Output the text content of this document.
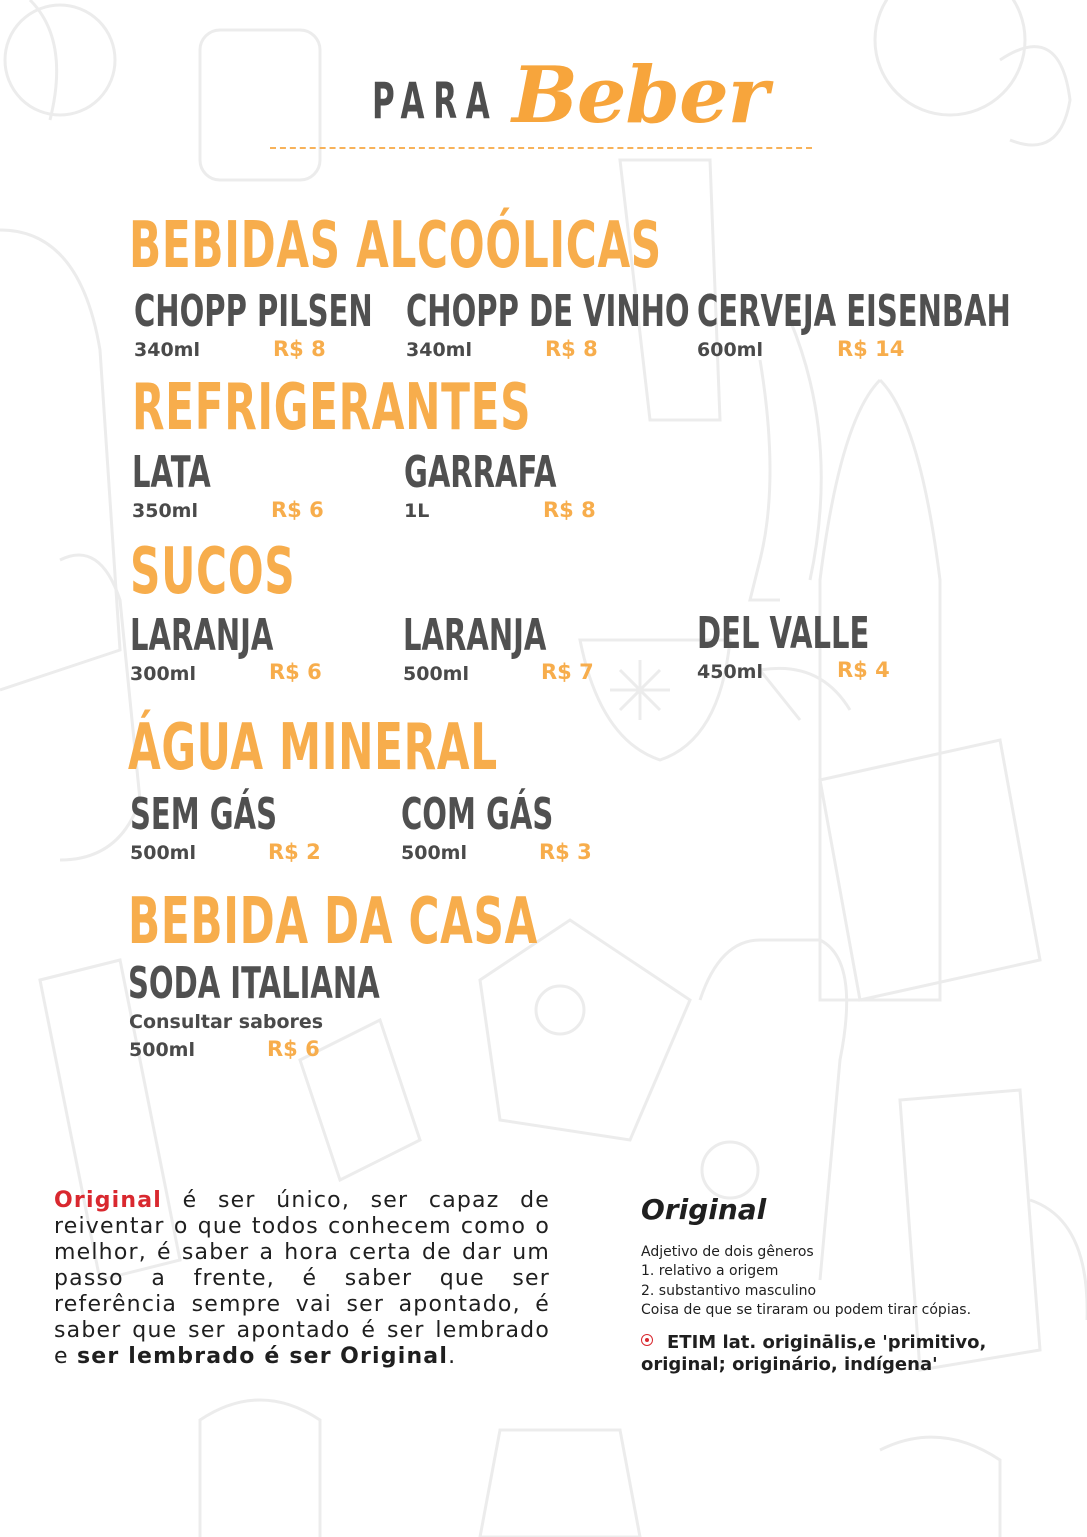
PARA Beber
BEBIDAS ALCOÓLICAS
CHOPP PILSEN
340ml	R$ 8
CHOPP DE VINHO
340ml	R$ 8
CERVEJA EISENBAH
600ml	R$ 14
REFRIGERANTES
LATA
350ml	R$ 6
GARRAFA
1L	R$ 8
SUCOS
LARANJA
300ml	R$ 6
LARANJA
500ml	R$ 7
DEL VALLE
450ml	R$ 4
ÁGUA MINERAL
SEM GÁS
500ml	R$ 2
COM GÁS
500ml	R$ 3
BEBIDA DA CASA
SODA ITALIANA
Consultar sabores
500ml	R$ 6
Original é ser único, ser capaz de reiventar o que todos conhecem como o melhor, é saber a hora certa de dar um passo a frente, é saber que ser referência sempre vai ser apontado, é saber que ser apontado é ser lembrado e ser lembrado é ser Original.
Original
Adjetivo de dois gêneros
1. relativo a origem
2. substantivo masculino
Coisa de que se tiraram ou podem tirar cópias.
ETIM lat. originālis,e 'primitivo, original; originário, indígena'
